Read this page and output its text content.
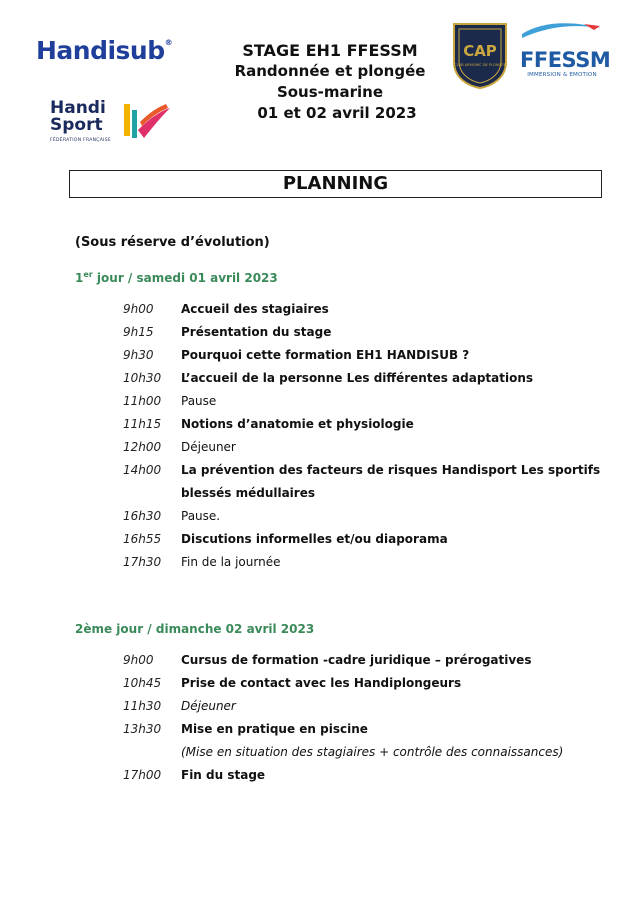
Handisub®
Handi
Sport
FÉDÉRATION FRANÇAISE
STAGE EH1 FFESSM
Randonnée et plongée
Sous-marine
01 et 02 avril 2023
CAP
CLUB ARMORIC DE PLONGÉE FFESSM
IMMERSION & EMOTION
PLANNING
(Sous réserve d’évolution)
1er jour / samedi 01 avril 2023
9h00 Accueil des stagiaires
9h15 Présentation du stage
9h30 Pourquoi cette formation EH1 HANDISUB ?
10h30 L’accueil de la personne Les différentes adaptations
11h00 Pause
11h15 Notions d’anatomie et physiologie
12h00 Déjeuner
14h00 La prévention des facteurs de risques Handisport Les sportifs
blessés médullaires
16h30 Pause.
16h55 Discutions informelles et/ou diaporama
17h30 Fin de la journée
2ème jour / dimanche 02 avril 2023
9h00 Cursus de formation -cadre juridique – prérogatives
10h45 Prise de contact avec les Handiplongeurs
11h30 Déjeuner
13h30 Mise en pratique en piscine
(Mise en situation des stagiaires + contrôle des connaissances)
17h00 Fin du stage
